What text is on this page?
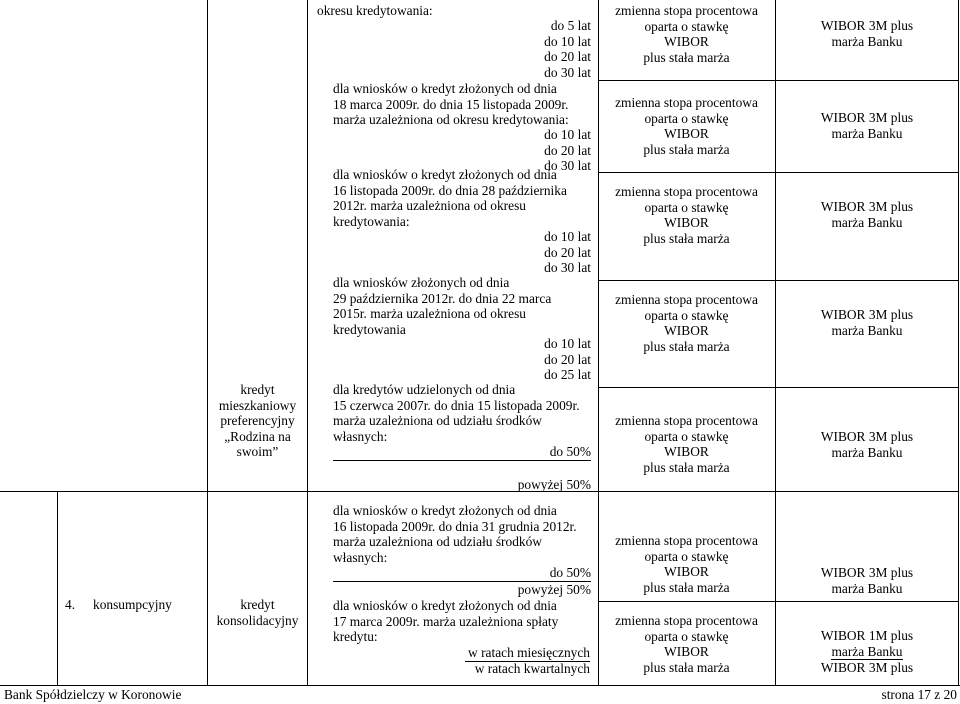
kredyt
mieszkaniowy
preferencyjny
„Rodzina na
swoim”
okresu kredytowania:
do 5 lat
do 10 lat
do 20 lat
do 30 lat
zmienna stopa procentowa
oparta o stawkę
WIBOR
plus stała marża
WIBOR 3M plus
marża Banku
dla wniosków o kredyt złożonych od dnia
18 marca 2009r. do dnia 15 listopada 2009r.
marża uzależniona od okresu kredytowania:
do 10 lat
do 20 lat
do 30 lat
zmienna stopa procentowa
oparta o stawkę
WIBOR
plus stała marża
WIBOR 3M plus
marża Banku
dla wniosków o kredyt złożonych od dnia
16 listopada 2009r. do dnia 28 października
2012r. marża uzależniona od okresu
kredytowania:
do 10 lat
do 20 lat
do 30 lat
zmienna stopa procentowa
oparta o stawkę
WIBOR
plus stała marża
WIBOR 3M plus
marża Banku
dla wniosków złożonych od dnia
29 października 2012r. do dnia 22 marca
2015r. marża uzależniona od okresu
kredytowania
do 10 lat
do 20 lat
do 25 lat
zmienna stopa procentowa
oparta o stawkę
WIBOR
plus stała marża
WIBOR 3M plus
marża Banku
dla kredytów udzielonych od dnia
15 czerwca 2007r. do dnia 15 listopada 2009r.
marża uzależniona od udziału środków
własnych:
do 50%
powyżej 50%
zmienna stopa procentowa
oparta o stawkę
WIBOR
plus stała marża
WIBOR 3M plus
marża Banku
4. konsumpcyjny	kredyt
konsolidacyjny
dla wniosków o kredyt złożonych od dnia
16 listopada 2009r. do dnia 31 grudnia 2012r.
marża uzależniona od udziału środków
własnych:
do 50%
powyżej 50%
zmienna stopa procentowa
oparta o stawkę
WIBOR
plus stała marża
WIBOR 3M plus
marża Banku
dla wniosków o kredyt złożonych od dnia
17 marca 2009r. marża uzależniona spłaty
kredytu:
w ratach miesięcznych
w ratach kwartalnych
zmienna stopa procentowa
oparta o stawkę
WIBOR
plus stała marża
WIBOR 1M plus
marża Banku
WIBOR 3M plus
Bank Spółdzielczy w Koronowie	strona 17 z 20
